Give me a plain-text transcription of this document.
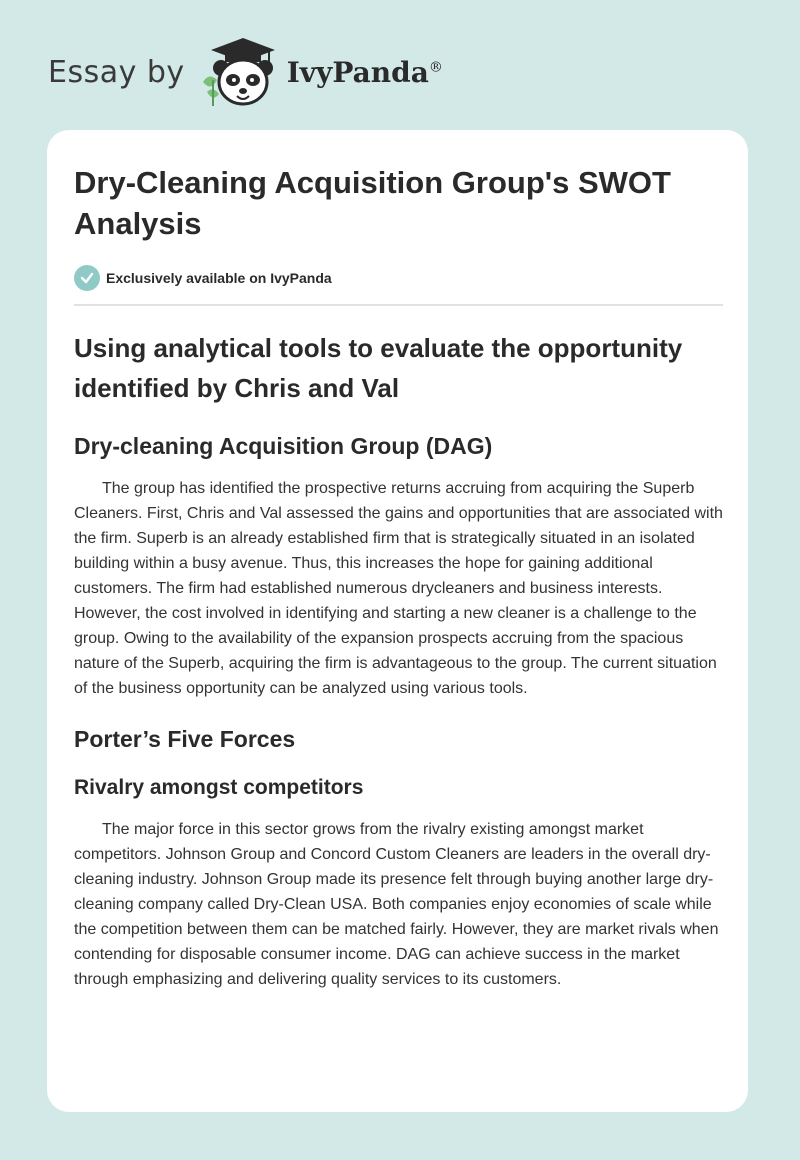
Essay by	IvyPanda®
Dry-Cleaning Acquisition Group's SWOT Analysis
Exclusively available on IvyPanda
Using analytical tools to evaluate the opportunity identified by Chris and Val
Dry-cleaning Acquisition Group (DAG)

The group has identified the prospective returns accruing from acquiring the Superb Cleaners. First, Chris and Val assessed the gains and opportunities that are associated with the firm. Superb is an already established firm that is strategically situated in an isolated building within a busy avenue. Thus, this increases the hope for gaining additional customers. The firm had established numerous drycleaners and business interests. However, the cost involved in identifying and starting a new cleaner is a challenge to the group. Owing to the availability of the expansion prospects accruing from the spacious nature of the Superb, acquiring the firm is advantageous to the group. The current situation of the business opportunity can be analyzed using various tools.

Porter’s Five Forces
Rivalry amongst competitors

The major force in this sector grows from the rivalry existing amongst market competitors. Johnson Group and Concord Custom Cleaners are leaders in the overall dry-cleaning industry. Johnson Group made its presence felt through buying another large dry-cleaning company called Dry-Clean USA. Both companies enjoy economies of scale while the competition between them can be matched fairly. However, they are market rivals when contending for disposable consumer income. DAG can achieve success in the market through emphasizing and delivering quality services to its customers.
